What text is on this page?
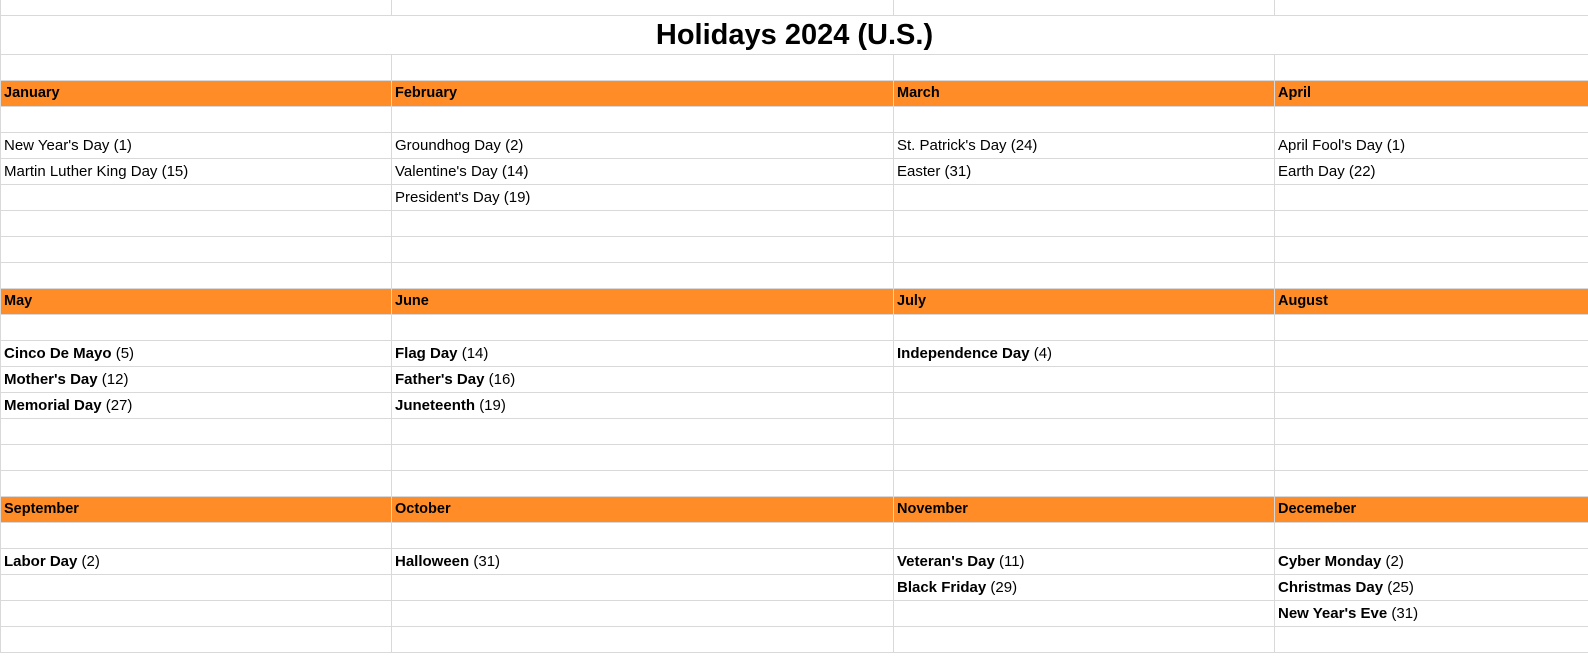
Holidays 2024 (U.S.)			

January	February	March	April

New Year's Day (1)	Groundhog Day (2)	St. Patrick's Day (24)	April Fool's Day (1)
Martin Luther King Day (15)	Valentine's Day (14)	Easter (31)	Earth Day (22)
	President's Day (19)		

May	June	July	August

Cinco De Mayo (5)	Flag Day (14)	Independence Day (4)	
Mother's Day (12)	Father's Day (16)		
Memorial Day (27)	Juneteenth (19)		

September	October	November	Decemeber

Labor Day (2)	Halloween (31)	Veteran's Day (11)	Cyber Monday (2)
		Black Friday (29)	Christmas Day (25)
			New Year's Eve (31)
